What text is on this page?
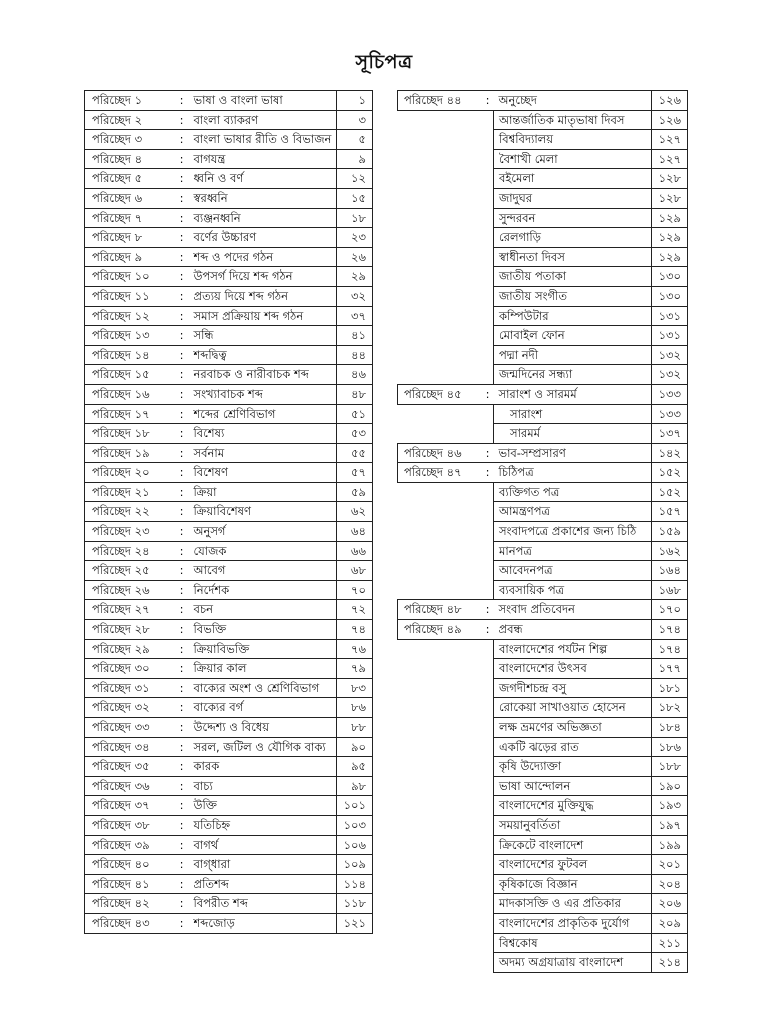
সূচিপত্র
পরিচ্ছেদ ১	:	ভাষা ও বাংলা ভাষা	১
পরিচ্ছেদ ২	:	বাংলা ব্যাকরণ	৩
পরিচ্ছেদ ৩	:	বাংলা ভাষার রীতি ও বিভাজন	৫
পরিচ্ছেদ ৪	:	বাগযন্ত্র	৯
পরিচ্ছেদ ৫	:	ধ্বনি ও বর্ণ	১২
পরিচ্ছেদ ৬	:	স্বরধ্বনি	১৫
পরিচ্ছেদ ৭	:	ব্যঞ্জনধ্বনি	১৮
পরিচ্ছেদ ৮	:	বর্ণের উচ্চারণ	২৩
পরিচ্ছেদ ৯	:	শব্দ ও পদের গঠন	২৬
পরিচ্ছেদ ১০	:	উপসর্গ দিয়ে শব্দ গঠন	২৯
পরিচ্ছেদ ১১	:	প্রত্যয় দিয়ে শব্দ গঠন	৩২
পরিচ্ছেদ ১২	:	সমাস প্রক্রিয়ায় শব্দ গঠন	৩৭
পরিচ্ছেদ ১৩	:	সন্ধি	৪১
পরিচ্ছেদ ১৪	:	শব্দদ্বিত্ব	৪৪
পরিচ্ছেদ ১৫	:	নরবাচক ও নারীবাচক শব্দ	৪৬
পরিচ্ছেদ ১৬	:	সংখ্যাবাচক শব্দ	৪৮
পরিচ্ছেদ ১৭	:	শব্দের শ্রেণিবিভাগ	৫১
পরিচ্ছেদ ১৮	:	বিশেষ্য	৫৩
পরিচ্ছেদ ১৯	:	সর্বনাম	৫৫
পরিচ্ছেদ ২০	:	বিশেষণ	৫৭
পরিচ্ছেদ ২১	:	ক্রিয়া	৫৯
পরিচ্ছেদ ২২	:	ক্রিয়াবিশেষণ	৬২
পরিচ্ছেদ ২৩	:	অনুসর্গ	৬৪
পরিচ্ছেদ ২৪	:	যোজক	৬৬
পরিচ্ছেদ ২৫	:	আবেগ	৬৮
পরিচ্ছেদ ২৬	:	নির্দেশক	৭০
পরিচ্ছেদ ২৭	:	বচন	৭২
পরিচ্ছেদ ২৮	:	বিভক্তি	৭৪
পরিচ্ছেদ ২৯	:	ক্রিয়াবিভক্তি	৭৬
পরিচ্ছেদ ৩০	:	ক্রিয়ার কাল	৭৯
পরিচ্ছেদ ৩১	:	বাক্যের অংশ ও শ্রেণিবিভাগ	৮৩
পরিচ্ছেদ ৩২	:	বাক্যের বর্গ	৮৬
পরিচ্ছেদ ৩৩	:	উদ্দেশ্য ও বিধেয়	৮৮
পরিচ্ছেদ ৩৪	:	সরল, জটিল ও যৌগিক বাক্য	৯০
পরিচ্ছেদ ৩৫	:	কারক	৯৫
পরিচ্ছেদ ৩৬	:	বাচ্য	৯৮
পরিচ্ছেদ ৩৭	:	উক্তি	১০১
পরিচ্ছেদ ৩৮	:	যতিচিহ্ন	১০৩
পরিচ্ছেদ ৩৯	:	বাগর্থ	১০৬
পরিচ্ছেদ ৪০	:	বাগ্‌ধারা	১০৯
পরিচ্ছেদ ৪১	:	প্রতিশব্দ	১১৪
পরিচ্ছেদ ৪২	:	বিপরীত শব্দ	১১৮
পরিচ্ছেদ ৪৩	:	শব্দজোড়	১২১
পরিচ্ছেদ ৪৪	:	অনুচ্ছেদ	১২৬
		আন্তর্জাতিক মাতৃভাষা দিবস	১২৬
		বিশ্ববিদ্যালয়	১২৭
		বৈশাখী মেলা	১২৭
		বইমেলা	১২৮
		জাদুঘর	১২৮
		সুন্দরবন	১২৯
		রেলগাড়ি	১২৯
		স্বাধীনতা দিবস	১২৯
		জাতীয় পতাকা	১৩০
		জাতীয় সংগীত	১৩০
		কম্পিউটার	১৩১
		মোবাইল ফোন	১৩১
		পদ্মা নদী	১৩২
		জন্মদিনের সন্ধ্যা	১৩২
পরিচ্ছেদ ৪৫	:	সারাংশ ও সারমর্ম	১৩৩
		সারাংশ	১৩৩
		সারমর্ম	১৩৭
পরিচ্ছেদ ৪৬	:	ভাব-সম্প্রসারণ	১৪২
পরিচ্ছেদ ৪৭	:	চিঠিপত্র	১৫২
		ব্যক্তিগত পত্র	১৫২
		আমন্ত্রণপত্র	১৫৭
		সংবাদপত্রে প্রকাশের জন্য চিঠি	১৫৯
		মানপত্র	১৬২
		আবেদনপত্র	১৬৪
		ব্যবসায়িক পত্র	১৬৮
পরিচ্ছেদ ৪৮	:	সংবাদ প্রতিবেদন	১৭০
পরিচ্ছেদ ৪৯	:	প্রবন্ধ	১৭৪
		বাংলাদেশের পর্যটন শিল্প	১৭৪
		বাংলাদেশের উৎসব	১৭৭
		জগদীশচন্দ্র বসু	১৮১
		রোকেয়া সাখাওয়াত হোসেন	১৮২
		লক্ষ ভ্রমণের অভিজ্ঞতা	১৮৪
		একটি ঝড়ের রাত	১৮৬
		কৃষি উদ্যোক্তা	১৮৮
		ভাষা আন্দোলন	১৯০
		বাংলাদেশের মুক্তিযুদ্ধ	১৯৩
		সময়ানুবর্তিতা	১৯৭
		ক্রিকেটে বাংলাদেশ	১৯৯
		বাংলাদেশের ফুটবল	২০১
		কৃষিকাজে বিজ্ঞান	২০৪
		মাদকাসক্তি ও এর প্রতিকার	২০৬
		বাংলাদেশের প্রাকৃতিক দুর্যোগ	২০৯
		বিশ্বকোষ	২১১
		অদম্য অগ্রযাত্রায় বাংলাদেশ	২১৪
